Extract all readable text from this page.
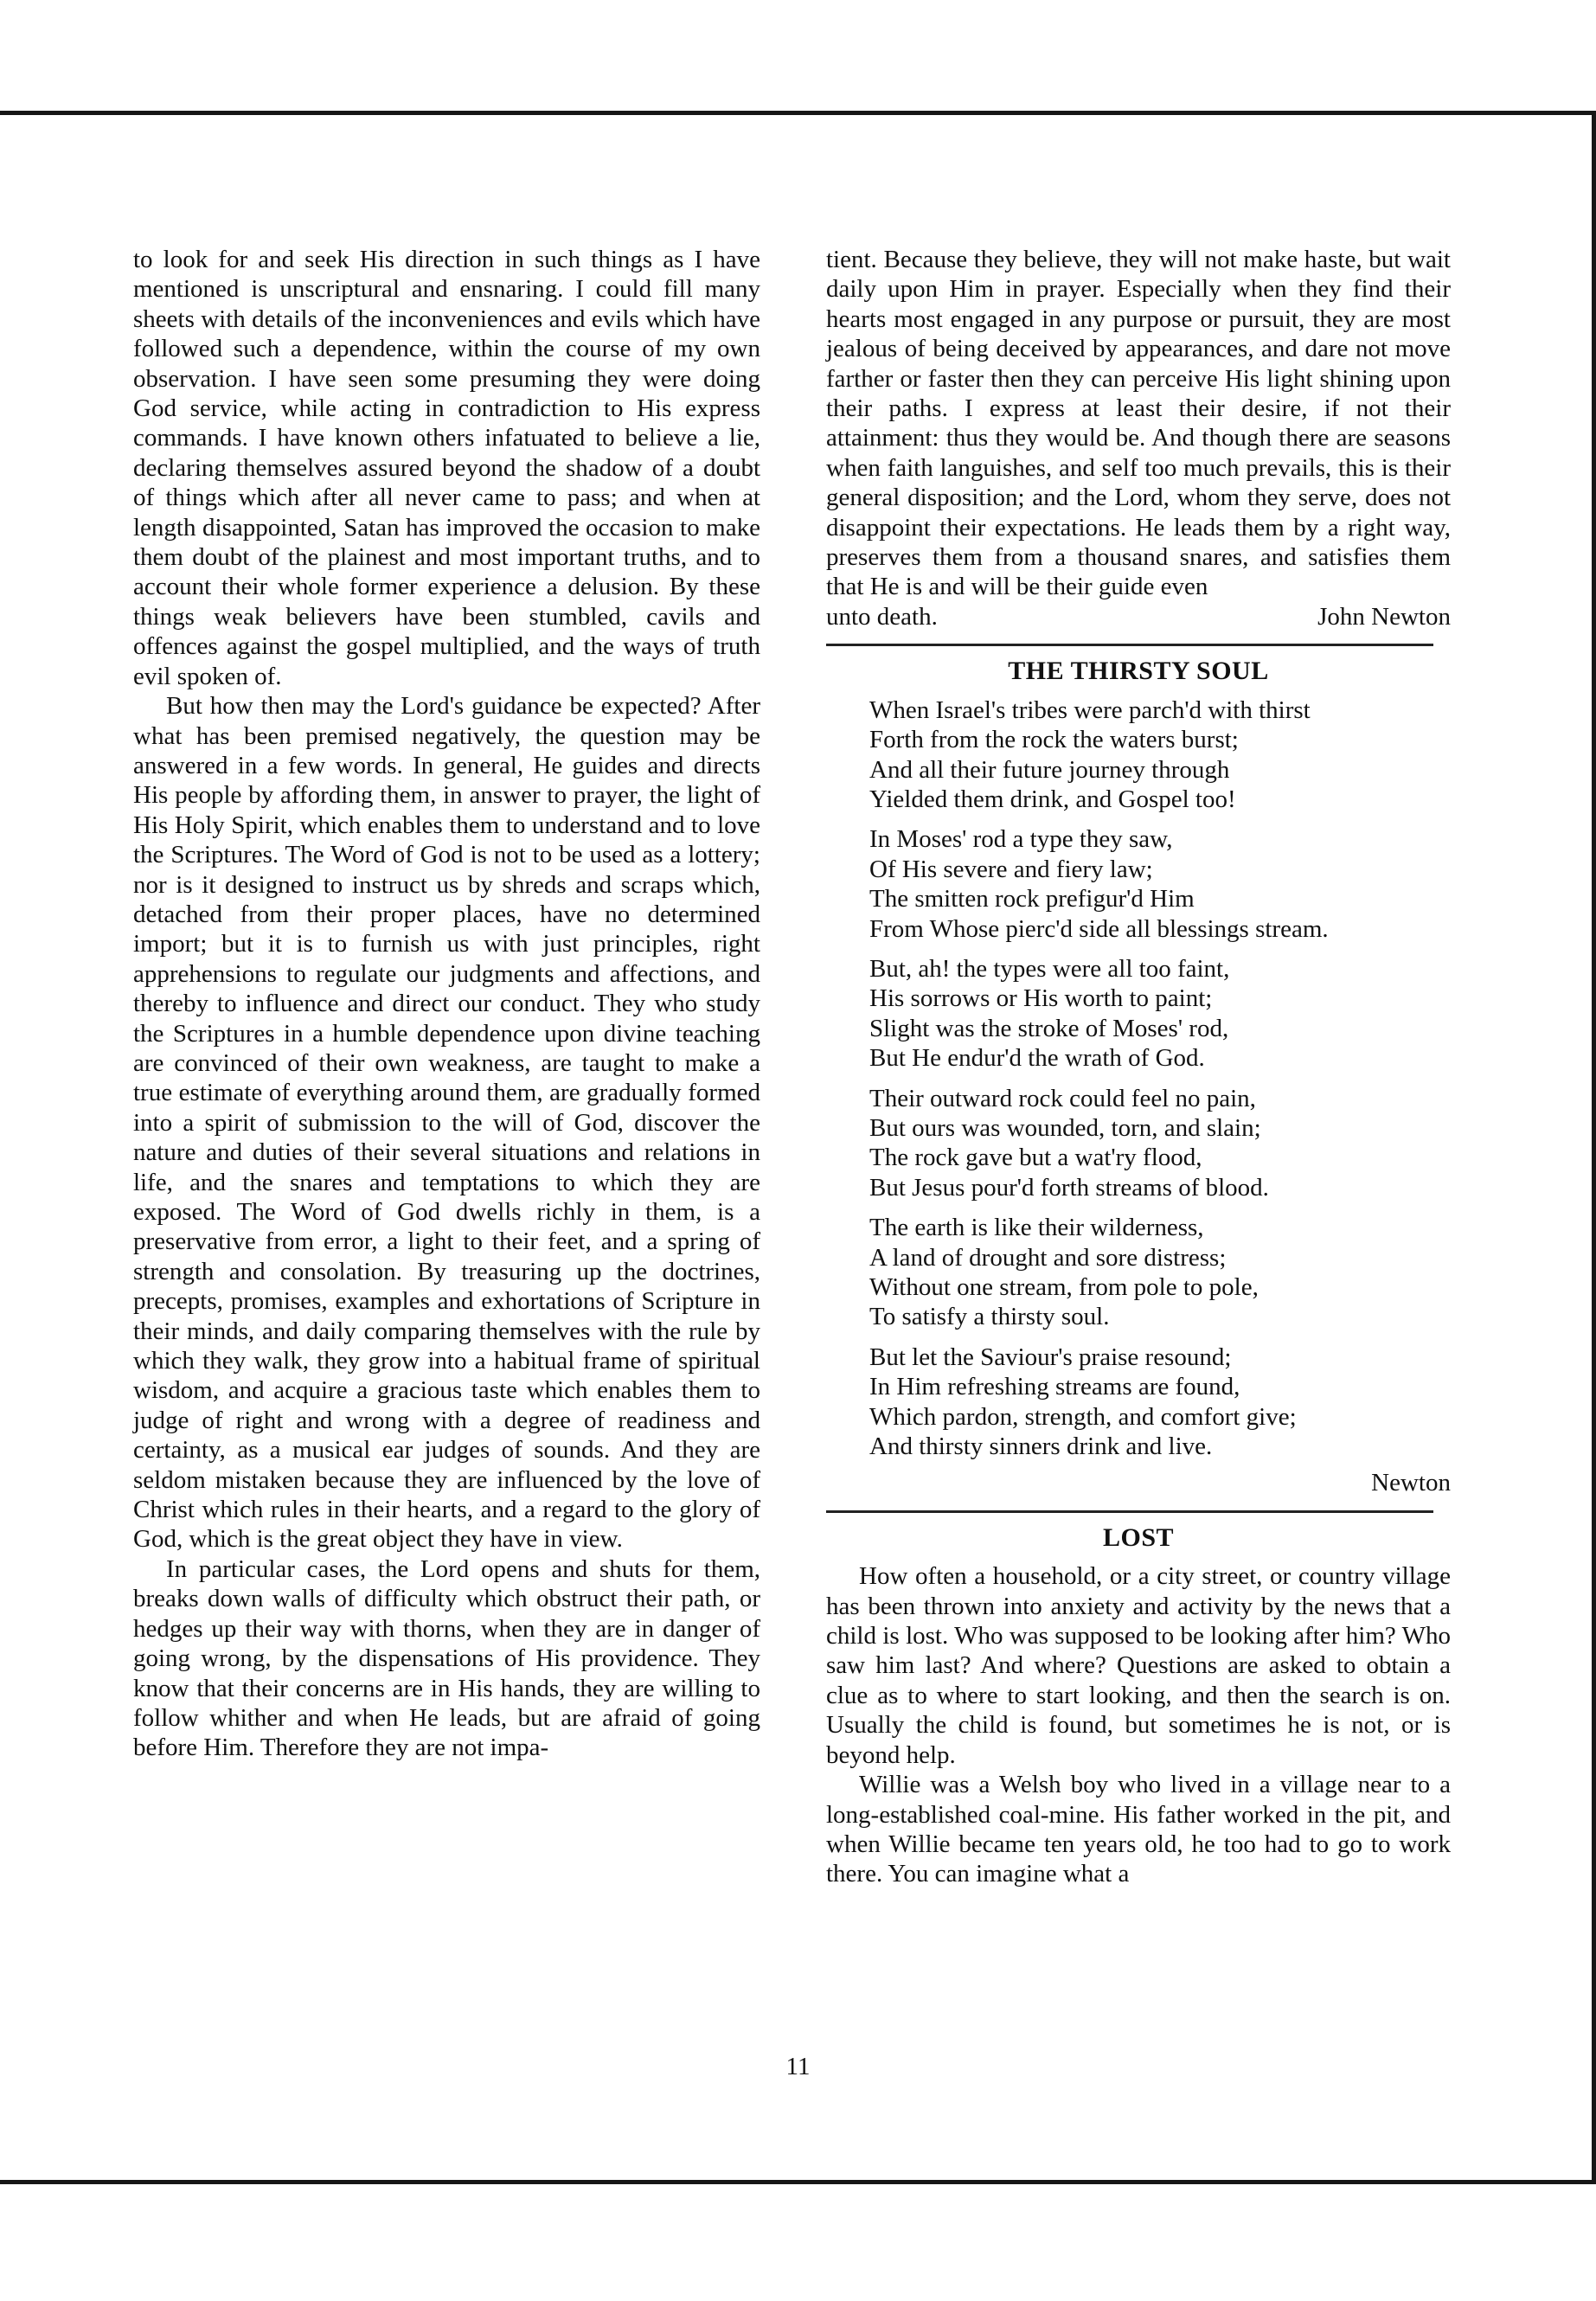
to look for and seek His direction in such things as I have mentioned is unscriptural and ensnaring. I could fill many sheets with details of the inconveniences and evils which have followed such a dependence, within the course of my own observation. I have seen some presuming they were doing God service, while acting in contradiction to His express commands. I have known others infatuated to believe a lie, declaring themselves assured beyond the shadow of a doubt of things which after all never came to pass; and when at length disappointed, Satan has improved the occasion to make them doubt of the plainest and most important truths, and to account their whole former experience a delusion. By these things weak believers have been stumbled, cavils and offences against the gospel multiplied, and the ways of truth evil spoken of.

But how then may the Lord's guidance be expected? After what has been premised negatively, the question may be answered in a few words. In general, He guides and directs His people by affording them, in answer to prayer, the light of His Holy Spirit, which enables them to understand and to love the Scriptures. The Word of God is not to be used as a lottery; nor is it designed to instruct us by shreds and scraps which, detached from their proper places, have no determined import; but it is to furnish us with just principles, right apprehensions to regulate our judgments and affections, and thereby to influence and direct our conduct. They who study the Scriptures in a humble dependence upon divine teaching are convinced of their own weakness, are taught to make a true estimate of everything around them, are gradually formed into a spirit of submission to the will of God, discover the nature and duties of their several situations and relations in life, and the snares and temptations to which they are exposed. The Word of God dwells richly in them, is a preservative from error, a light to their feet, and a spring of strength and consolation. By treasuring up the doctrines, precepts, promises, examples and exhortations of Scripture in their minds, and daily comparing themselves with the rule by which they walk, they grow into a habitual frame of spiritual wisdom, and acquire a gracious taste which enables them to judge of right and wrong with a degree of readiness and certainty, as a musical ear judges of sounds. And they are seldom mistaken because they are influenced by the love of Christ which rules in their hearts, and a regard to the glory of God, which is the great object they have in view.

In particular cases, the Lord opens and shuts for them, breaks down walls of difficulty which obstruct their path, or hedges up their way with thorns, when they are in danger of going wrong, by the dispensations of His providence. They know that their concerns are in His hands, they are willing to follow whither and when He leads, but are afraid of going before Him. Therefore they are not impa-

tient. Because they believe, they will not make haste, but wait daily upon Him in prayer. Especially when they find their hearts most engaged in any purpose or pursuit, they are most jealous of being deceived by appearances, and dare not move farther or faster then they can perceive His light shining upon their paths. I express at least their desire, if not their attainment: thus they would be. And though there are seasons when faith languishes, and self too much prevails, this is their general disposition; and the Lord, whom they serve, does not disappoint their expectations. He leads them by a right way, preserves them from a thousand snares, and satisfies them that He is and will be their guide even

unto death.	John Newton
THE THIRSTY SOUL
When Israel's tribes were parch'd with thirst
Forth from the rock the waters burst;
And all their future journey through
Yielded them drink, and Gospel too!
In Moses' rod a type they saw,
Of His severe and fiery law;
The smitten rock prefigur'd Him
From Whose pierc'd side all blessings stream.
But, ah! the types were all too faint,
His sorrows or His worth to paint;
Slight was the stroke of Moses' rod,
But He endur'd the wrath of God.
Their outward rock could feel no pain,
But ours was wounded, torn, and slain;
The rock gave but a wat'ry flood,
But Jesus pour'd forth streams of blood.
The earth is like their wilderness,
A land of drought and sore distress;
Without one stream, from pole to pole,
To satisfy a thirsty soul.
But let the Saviour's praise resound;
In Him refreshing streams are found,
Which pardon, strength, and comfort give;
And thirsty sinners drink and live.
Newton
LOST

How often a household, or a city street, or country village has been thrown into anxiety and activity by the news that a child is lost. Who was supposed to be looking after him? Who saw him last? And where? Questions are asked to obtain a clue as to where to start looking, and then the search is on. Usually the child is found, but sometimes he is not, or is beyond help.

Willie was a Welsh boy who lived in a village near to a long-established coal-mine. His father worked in the pit, and when Willie became ten years old, he too had to go to work there. You can imagine what a

11
